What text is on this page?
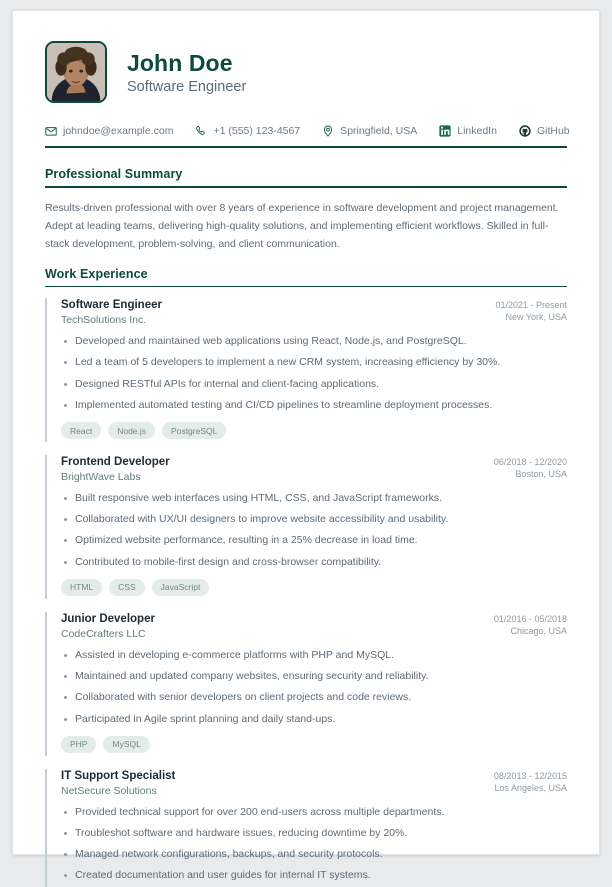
John Doe
Software Engineer
johndoe@example.com	+1 (555) 123-4567	Springfield, USA	LinkedIn	GitHub
Professional Summary
Results-driven professional with over 8 years of experience in software development and project management. Adept at leading teams, delivering high-quality solutions, and implementing efficient workflows. Skilled in full-stack development, problem-solving, and client communication.
Work Experience
Software Engineer
TechSolutions Inc.
01/2021 - Present
New York, USA
Developed and maintained web applications using React, Node.js, and PostgreSQL.
Led a team of 5 developers to implement a new CRM system, increasing efficiency by 30%.
Designed RESTful APIs for internal and client-facing applications.
Implemented automated testing and CI/CD pipelines to streamline deployment processes.
React	Node.js	PostgreSQL
Frontend Developer
BrightWave Labs
06/2018 - 12/2020
Boston, USA
Built responsive web interfaces using HTML, CSS, and JavaScript frameworks.
Collaborated with UX/UI designers to improve website accessibility and usability.
Optimized website performance, resulting in a 25% decrease in load time.
Contributed to mobile-first design and cross-browser compatibility.
HTML	CSS	JavaScript
Junior Developer
CodeCrafters LLC
01/2016 - 05/2018
Chicago, USA
Assisted in developing e-commerce platforms with PHP and MySQL.
Maintained and updated company websites, ensuring security and reliability.
Collaborated with senior developers on client projects and code reviews.
Participated in Agile sprint planning and daily stand-ups.
PHP	MySQL
IT Support Specialist
NetSecure Solutions
08/2013 - 12/2015
Los Angeles, USA
Provided technical support for over 200 end-users across multiple departments.
Troubleshot software and hardware issues, reducing downtime by 20%.
Managed network configurations, backups, and security protocols.
Created documentation and user guides for internal IT systems.
